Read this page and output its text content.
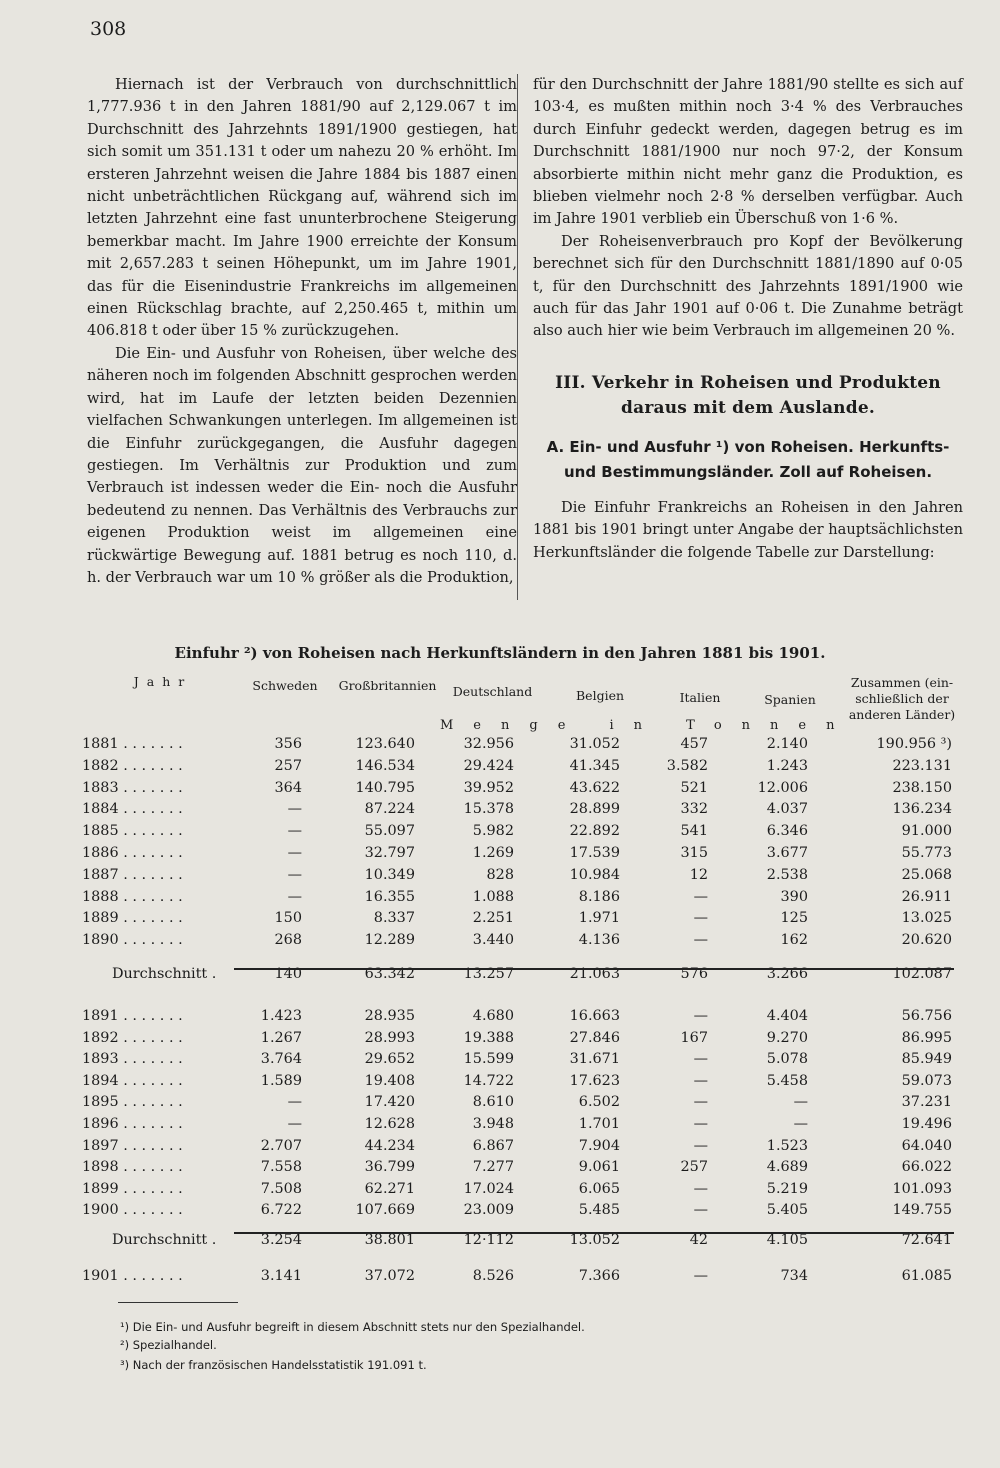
308

Hiernach ist der Verbrauch von durchschnittlich 1,777.936 t in den Jahren 1881/90 auf 2,129.067 t im Durchschnitt des Jahrzehnts 1891/1900 gestiegen, hat sich somit um 351.131 t oder um nahezu 20 % erhöht. Im ersteren Jahrzehnt weisen die Jahre 1884 bis 1887 einen nicht unbeträchtlichen Rückgang auf, während sich im letzten Jahrzehnt eine fast ununterbrochene Steigerung bemerkbar macht. Im Jahre 1900 erreichte der Konsum mit 2,657.283 t seinen Höhepunkt, um im Jahre 1901, das für die Eisenindustrie Frankreichs im allgemeinen einen Rückschlag brachte, auf 2,250.465 t, mithin um 406.818 t oder über 15 % zurückzugehen.

Die Ein- und Ausfuhr von Roheisen, über welche des näheren noch im folgenden Abschnitt gesprochen werden wird, hat im Laufe der letzten beiden Dezennien vielfachen Schwankungen unterlegen. Im allgemeinen ist die Einfuhr zurückgegangen, die Ausfuhr dagegen gestiegen. Im Verhältnis zur Produktion und zum Verbrauch ist indessen weder die Ein- noch die Ausfuhr bedeutend zu nennen. Das Verhältnis des Verbrauchs zur eigenen Produktion weist im allgemeinen eine rückwärtige Bewegung auf. 1881 betrug es noch 110, d. h. der Verbrauch war um 10 % größer als die Produktion,

für den Durchschnitt der Jahre 1881/90 stellte es sich auf 103·4, es mußten mithin noch 3·4 % des Verbrauches durch Einfuhr gedeckt werden, dagegen betrug es im Durchschnitt 1881/1900 nur noch 97·2, der Konsum absorbierte mithin nicht mehr ganz die Produktion, es blieben vielmehr noch 2·8 % derselben verfügbar. Auch im Jahre 1901 verblieb ein Überschuß von 1·6 %.

Der Roheisenverbrauch pro Kopf der Bevölkerung berechnet sich für den Durchschnitt 1881/1890 auf 0·05 t, für den Durchschnitt des Jahrzehnts 1891/1900 wie auch für das Jahr 1901 auf 0·06 t. Die Zunahme beträgt also auch hier wie beim Verbrauch im allgemeinen 20 %.

III. Verkehr in Roheisen und Produkten
daraus mit dem Auslande.
A. Ein- und Ausfuhr ¹) von Roheisen. Herkunfts-
und Bestimmungsländer. Zoll auf Roheisen.

Die Einfuhr Frankreichs an Roheisen in den Jahren 1881 bis 1901 bringt unter Angabe der hauptsächlichsten Herkunftsländer die folgende Tabelle zur Darstellung:

Einfuhr ²) von Roheisen nach Herkunftsländern in den Jahren 1881 bis 1901.
J a h r	Schweden	Großbritannien	Deutschland	Belgien	Italien	Spanien
Zusammen (ein-
schließlich der
anderen Länder)
Menge in Tonnen
1881 . . . . . . .	356	123.640	32.956	31.052	457	2.140	190.956 ³)
1882 . . . . . . .	257	146.534	29.424	41.345	3.582	1.243	223.131
1883 . . . . . . .	364	140.795	39.952	43.622	521	12.006	238.150
1884 . . . . . . .	—	87.224	15.378	28.899	332	4.037	136.234
1885 . . . . . . .	—	55.097	5.982	22.892	541	6.346	91.000
1886 . . . . . . .	—	32.797	1.269	17.539	315	3.677	55.773
1887 . . . . . . .	—	10.349	828	10.984	12	2.538	25.068
1888 . . . . . . .	—	16.355	1.088	8.186	—	390	26.911
1889 . . . . . . .	150	8.337	2.251	1.971	—	125	13.025
1890 . . . . . . .	268	12.289	3.440	4.136	—	162	20.620
Durchschnitt .	140	63.342	13.257	21.063	576	3.266	102.087
1891 . . . . . . .	1.423	28.935	4.680	16.663	—	4.404	56.756
1892 . . . . . . .	1.267	28.993	19.388	27.846	167	9.270	86.995
1893 . . . . . . .	3.764	29.652	15.599	31.671	—	5.078	85.949
1894 . . . . . . .	1.589	19.408	14.722	17.623	—	5.458	59.073
1895 . . . . . . .	—	17.420	8.610	6.502	—	—	37.231
1896 . . . . . . .	—	12.628	3.948	1.701	—	—	19.496
1897 . . . . . . .	2.707	44.234	6.867	7.904	—	1.523	64.040
1898 . . . . . . .	7.558	36.799	7.277	9.061	257	4.689	66.022
1899 . . . . . . .	7.508	62.271	17.024	6.065	—	5.219	101.093
1900 . . . . . . .	6.722	107.669	23.009	5.485	—	5.405	149.755
Durchschnitt .	3.254	38.801	12·112	13.052	42	4.105	72.641
1901 . . . . . . .	3.141	37.072	8.526	7.366	—	734	61.085
¹) Die Ein- und Ausfuhr begreift in diesem Abschnitt stets nur den Spezialhandel.
²) Spezialhandel.
³) Nach der französischen Handelsstatistik 191.091 t.
